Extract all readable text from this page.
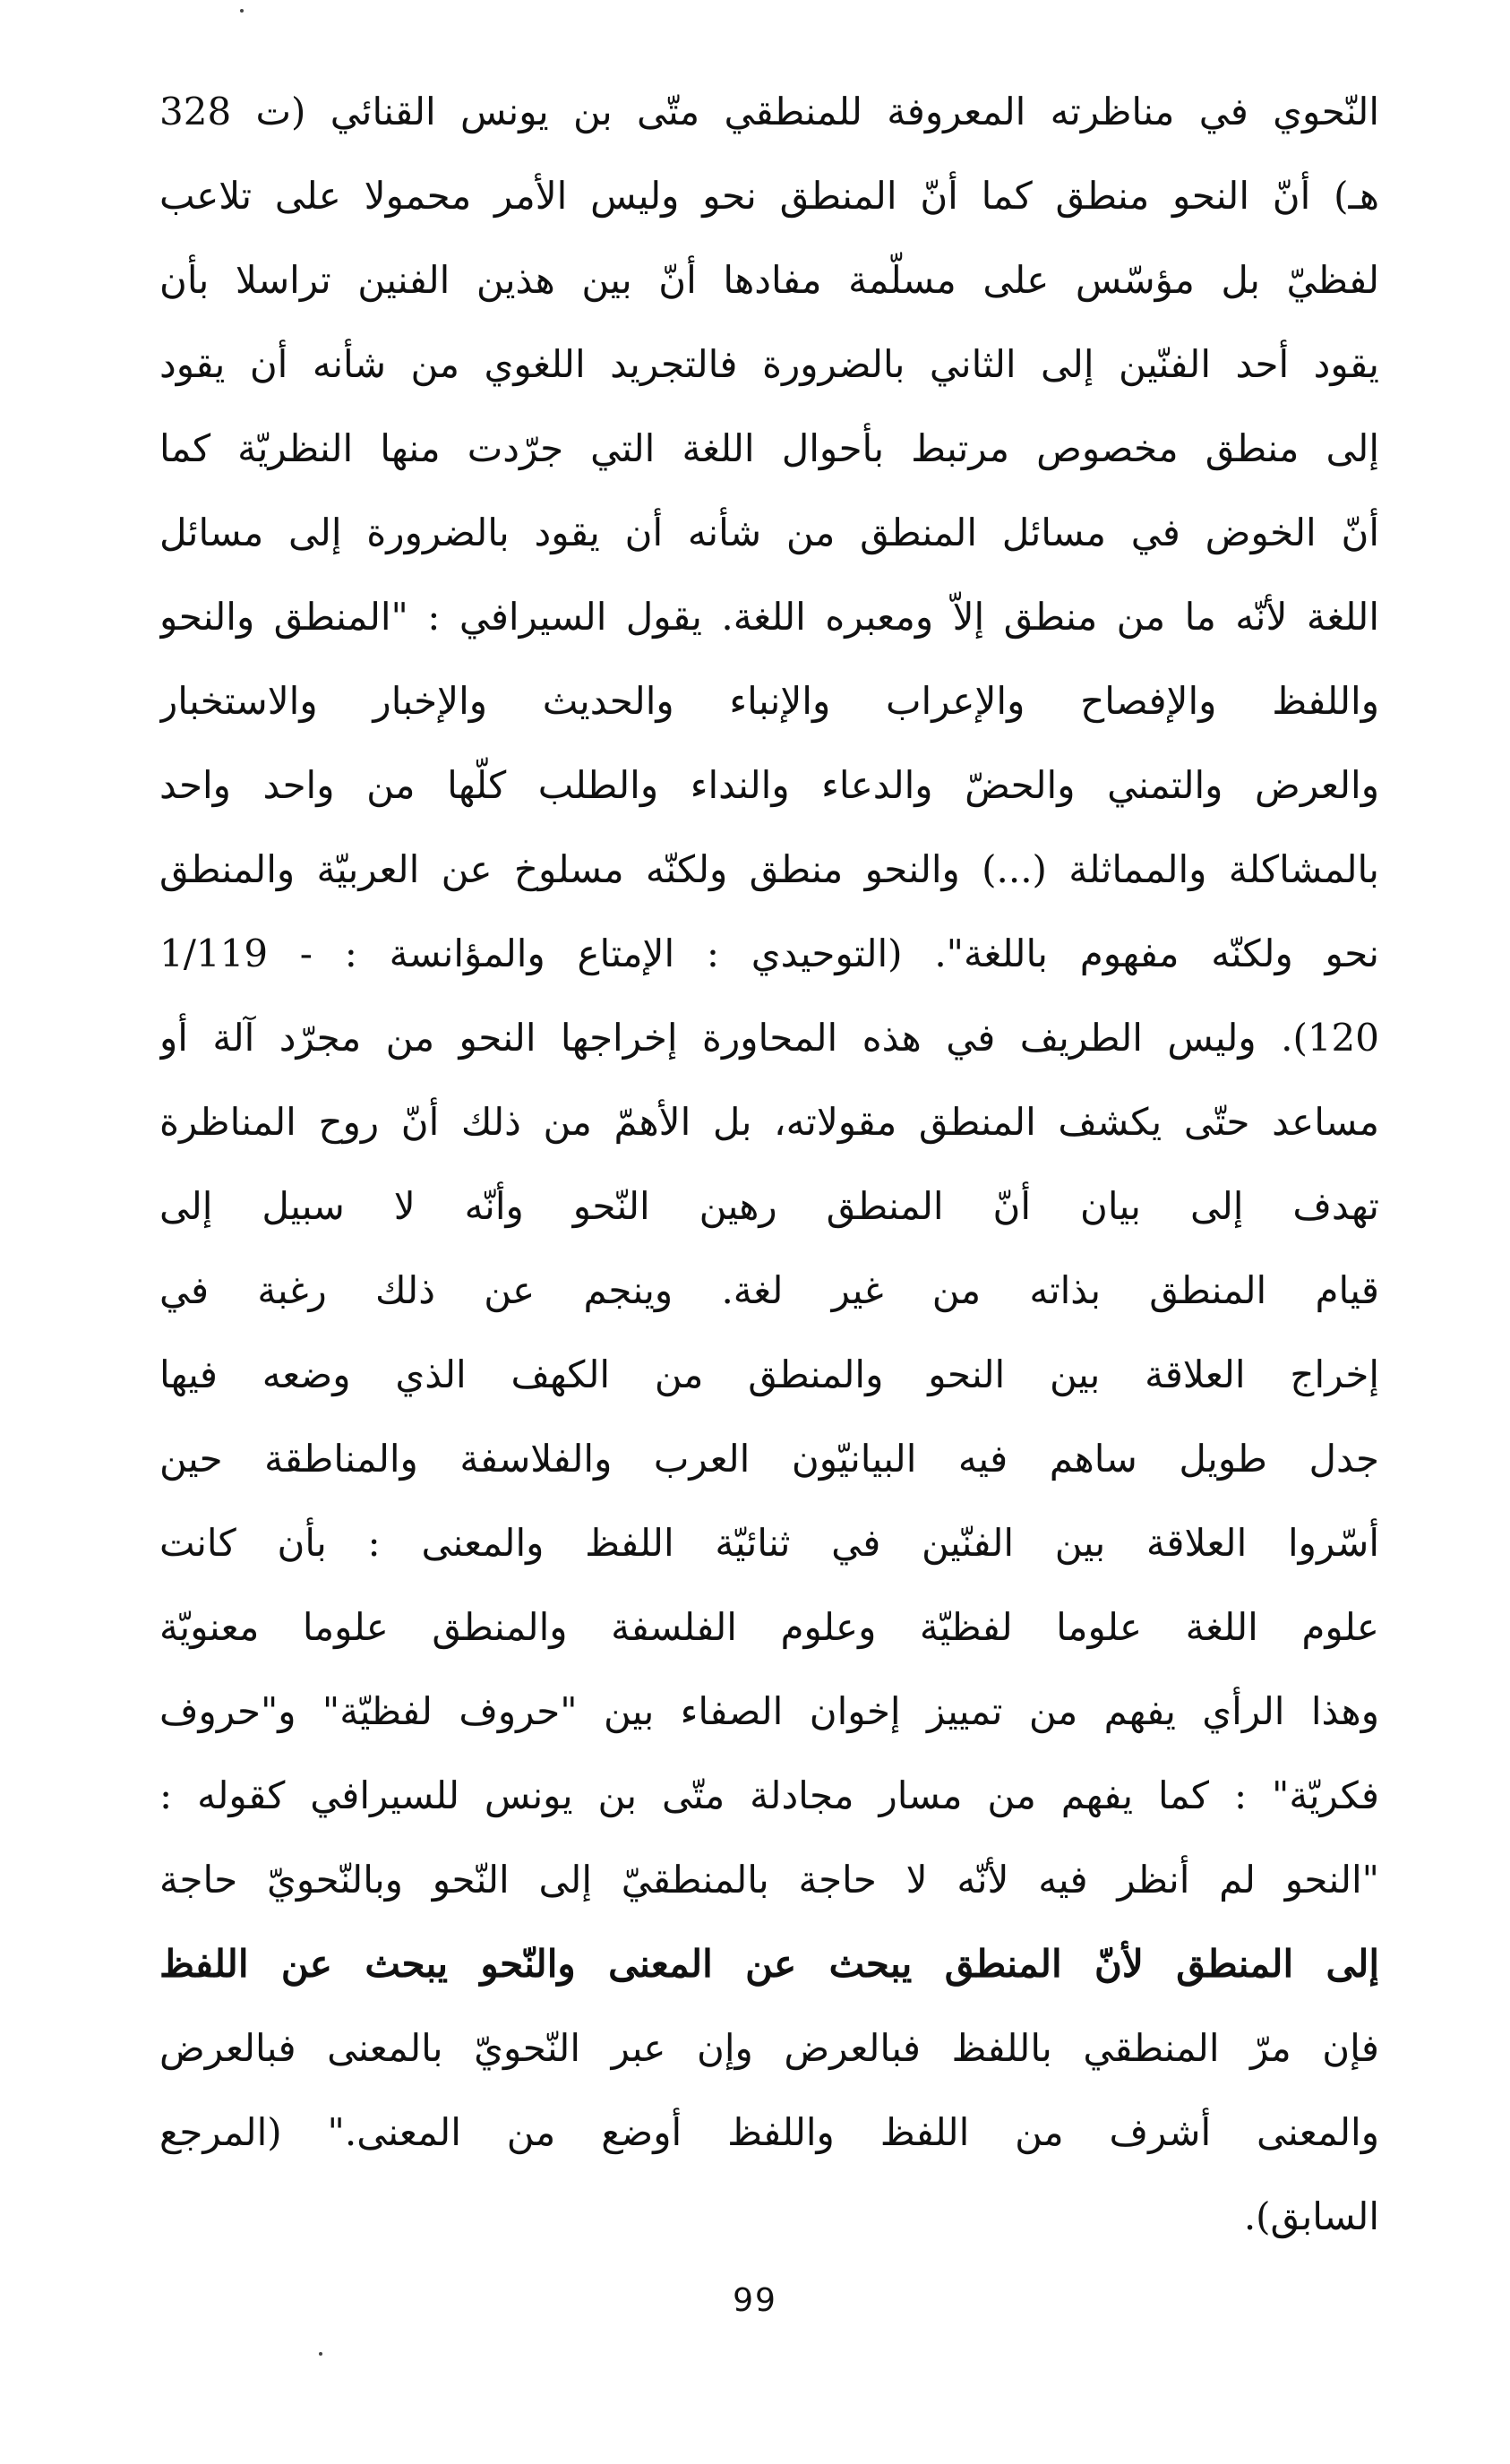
النّحوي في مناظرته المعروفة للمنطقي متّى بن يونس القنائي (ت 328
هـ) أنّ النحو منطق كما أنّ المنطق نحو وليس الأمر محمولا على تلاعب
لفظيّ بل مؤسّس على مسلّمة مفادها أنّ بين هذين الفنين تراسلا بأن
يقود أحد الفنّين إلى الثاني بالضرورة فالتجريد اللغوي من شأنه أن يقود
إلى منطق مخصوص مرتبط بأحوال اللغة التي جرّدت منها النظريّة كما
أنّ الخوض في مسائل المنطق من شأنه أن يقود بالضرورة إلى مسائل
اللغة لأنّه ما من منطق إلاّ ومعبره اللغة. يقول السيرافي : "المنطق والنحو
واللفظ والإفصاح والإعراب والإنباء والحديث والإخبار والاستخبار
والعرض والتمني والحضّ والدعاء والنداء والطلب كلّها من واحد واحد
بالمشاكلة والمماثلة (...) والنحو منطق ولكنّه مسلوخ عن العربيّة والمنطق
نحو ولكنّه مفهوم باللغة". (التوحيدي : الإمتاع والمؤانسة : - 1/119
120). وليس الطريف في هذه المحاورة إخراجها النحو من مجرّد آلة أو
مساعد حتّى يكشف المنطق مقولاته، بل الأهمّ من ذلك أنّ روح المناظرة
تهدف إلى بيان أنّ المنطق رهين النّحو وأنّه لا سبيل إلى
قيام المنطق بذاته من غير لغة. وينجم عن ذلك رغبة في
إخراج العلاقة بين النحو والمنطق من الكهف الذي وضعه فيها
جدل طويل ساهم فيه البيانيّون العرب والفلاسفة والمناطقة حين
أسّروا العلاقة بين الفنّين في ثنائيّة اللفظ والمعنى : بأن كانت
علوم اللغة علوما لفظيّة وعلوم الفلسفة والمنطق علوما معنويّة
وهذا الرأي يفهم من تمييز إخوان الصفاء بين "حروف لفظيّة" و"حروف
فكريّة" : كما يفهم من مسار مجادلة متّى بن يونس للسيرافي كقوله :
"النحو لم أنظر فيه لأنّه لا حاجة بالمنطقيّ إلى النّحو وبالنّحويّ حاجة
إلى المنطق لأنّ المنطق يبحث عن المعنى والنّحو يبحث عن اللفظ
فإن مرّ المنطقي باللفظ فبالعرض وإن عبر النّحويّ بالمعنى فبالعرض
والمعنى أشرف من اللفظ واللفظ أوضع من المعنى." (المرجع
السابق).
99
